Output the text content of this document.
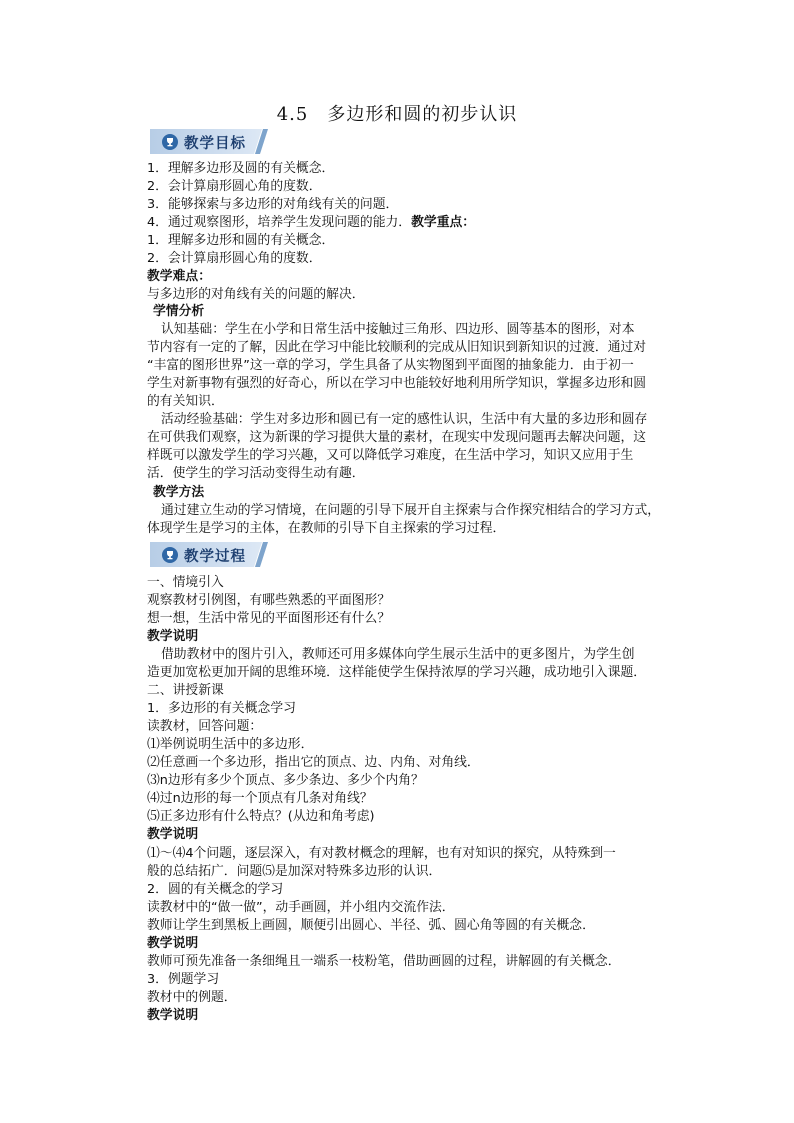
4.5　多边形和圆的初步认识
教学目标
1．理解多边形及圆的有关概念．
2．会计算扇形圆心角的度数．
3．能够探索与多边形的对角线有关的问题．
4．通过观察图形，培养学生发现问题的能力．教学重点：
1．理解多边形和圆的有关概念．
2．会计算扇形圆心角的度数．
教学难点：
与多边形的对角线有关的问题的解决．
学情分析
认知基础：学生在小学和日常生活中接触过三角形、四边形、圆等基本的图形，对本
节内容有一定的了解，因此在学习中能比较顺利的完成从旧知识到新知识的过渡．通过对
“丰富的图形世界”这一章的学习，学生具备了从实物图到平面图的抽象能力．由于初一
学生对新事物有强烈的好奇心，所以在学习中也能较好地利用所学知识，掌握多边形和圆
的有关知识．
活动经验基础：学生对多边形和圆已有一定的感性认识，生活中有大量的多边形和圆存
在可供我们观察，这为新课的学习提供大量的素材，在现实中发现问题再去解决问题，这
样既可以激发学生的学习兴趣，又可以降低学习难度，在生活中学习，知识又应用于生
活．使学生的学习活动变得生动有趣．
教学方法
通过建立生动的学习情境，在问题的引导下展开自主探索与合作探究相结合的学习方式，
体现学生是学习的主体，在教师的引导下自主探索的学习过程．
教学过程
一、情境引入
观察教材引例图，有哪些熟悉的平面图形？
想一想，生活中常见的平面图形还有什么？
教学说明
借助教材中的图片引入，教师还可用多媒体向学生展示生活中的更多图片，为学生创
造更加宽松更加开阔的思维环境．这样能使学生保持浓厚的学习兴趣，成功地引入课题．
二、讲授新课
1．多边形的有关概念学习
读教材，回答问题：
⑴举例说明生活中的多边形．
⑵任意画一个多边形，指出它的顶点、边、内角、对角线．
⑶n边形有多少个顶点、多少条边、多少个内角？
⑷过n边形的每一个顶点有几条对角线？
⑸正多边形有什么特点？(从边和角考虑)
教学说明
⑴～⑷4个问题，逐层深入，有对教材概念的理解，也有对知识的探究，从特殊到一
般的总结拓广．问题⑸是加深对特殊多边形的认识．
2．圆的有关概念的学习
读教材中的“做一做”，动手画圆，并小组内交流作法．
教师让学生到黑板上画圆，顺便引出圆心、半径、弧、圆心角等圆的有关概念．
教学说明
教师可预先准备一条细绳且一端系一枝粉笔，借助画圆的过程，讲解圆的有关概念．
3．例题学习
教材中的例题．
教学说明
